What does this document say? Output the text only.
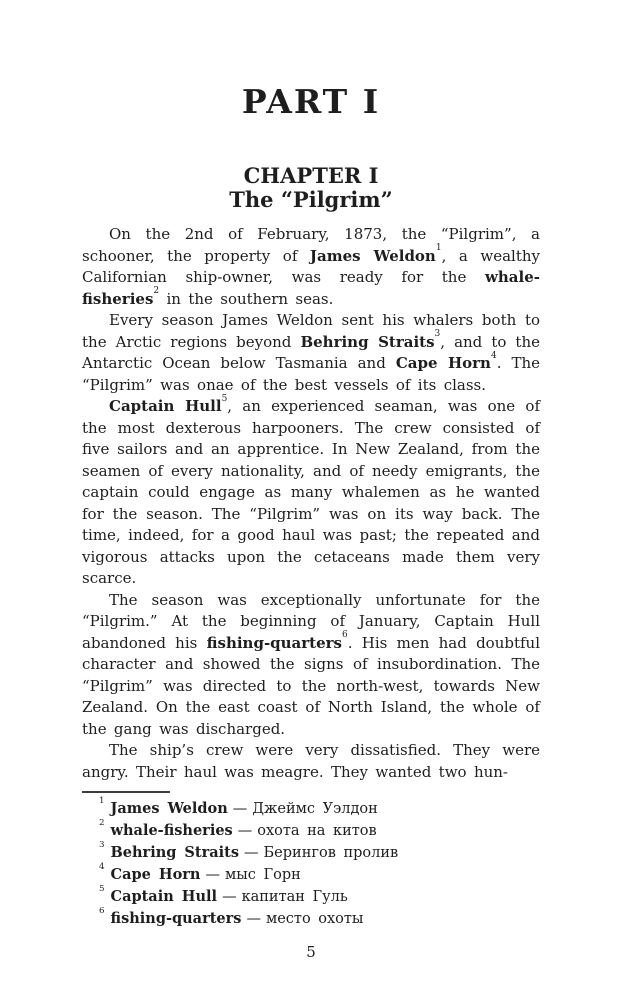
PART I
CHAPTER I
The “Pilgrim”

On the 2nd of February, 1873, the “Pilgrim”, a schooner, the property of James Weldon$^1$, a wealthy Californian ship-owner, was ready for the whale-fisheries$^2$ in the southern seas.

Every season James Weldon sent his whalers both to the Arctic regions beyond Behring Straits$^3$, and to the Antarctic Ocean below Tasmania and Cape Horn$^4$. The “Pilgrim” was onae of the best vessels of its class.

Captain Hull$^5$, an experienced seaman, was one of the most dexterous harpooners. The crew consisted of five sailors and an apprentice. In New Zealand, from the seamen of every nationality, and of needy emigrants, the captain could engage as many whalemen as he wanted for the season. The “Pilgrim” was on its way back. The time, indeed, for a good haul was past; the repeated and vigorous attacks upon the cetaceans made them very scarce.

The season was exceptionally unfortunate for the “Pilgrim.” At the beginning of January, Captain Hull abandoned his fishing-quarters$^6$. His men had doubtful character and showed the signs of insubordination. The “Pilgrim” was directed to the north-west, towards New Zealand. On the east coast of North Island, the whole of the gang was discharged.

The ship’s crew were very dissatisfied. They were angry. Their haul was meagre. They wanted two hun-

$^1$ James Weldon — Джеймс Уэлдон
$^2$ whale-fisheries — охота на китов
$^3$ Behring Straits — Берингов пролив
$^4$ Cape Horn — мыс Горн
$^5$ Captain Hull — капитан Гуль
$^6$ fishing-quarters — место охоты
5
